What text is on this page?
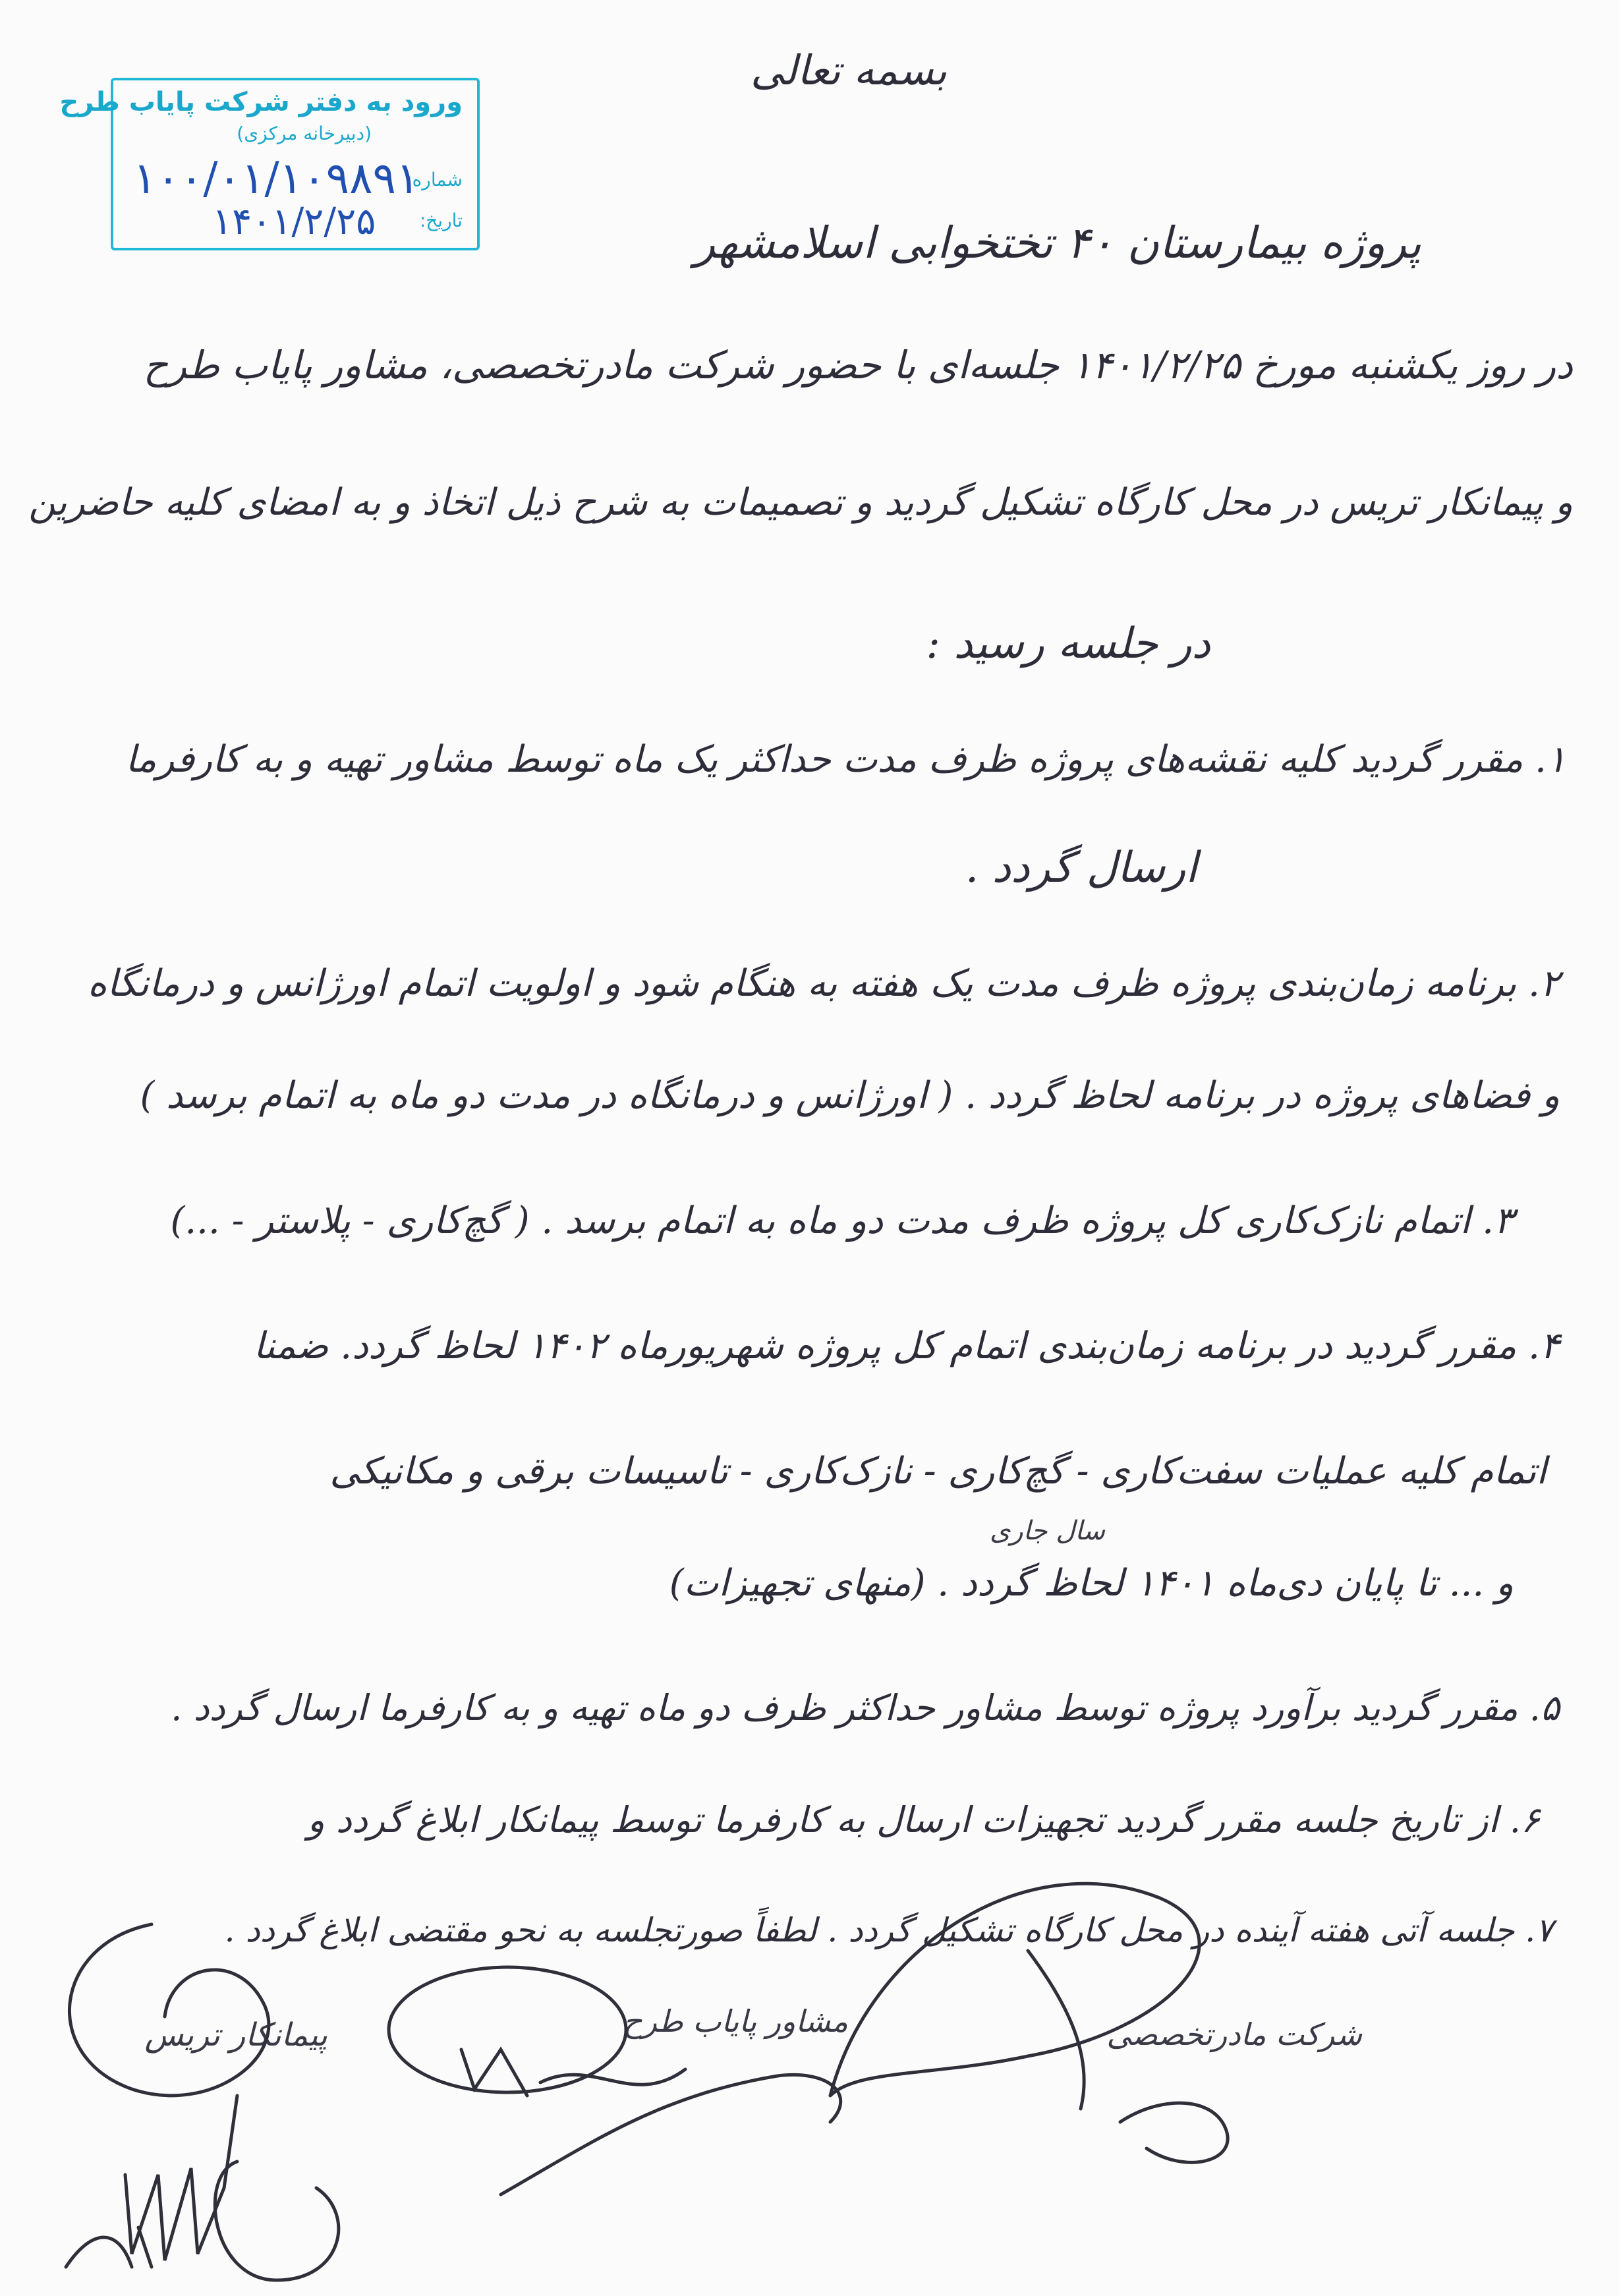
ورود به دفتر شرکت پایاب طرح
(دبیرخانه مرکزی)
شماره:
تاریخ:
۱۰۰/۰۱/۱۰۹۸۹۱
۱۴۰۱/۲/۲۵
بسمه تعالی
پروژه بیمارستان ۴۰ تختخوابی اسلامشهر
در روز یکشنبه مورخ ۱۴۰۱/۲/۲۵ جلسه‌ای با حضور شرکت مادرتخصصی، مشاور پایاب طرح
و پیمانکار تریس در محل کارگاه تشکیل گردید و تصمیمات به شرح ذیل اتخاذ و به امضای کلیه حاضرین
در جلسه رسید :
۱. مقرر گردید کلیه نقشه‌های پروژه ظرف مدت حداکثر یک ماه توسط مشاور تهیه و به کارفرما
ارسال گردد .
۲. برنامه زمان‌بندی پروژه ظرف مدت یک هفته به هنگام شود و اولویت اتمام اورژانس و درمانگاه
و فضاهای پروژه در برنامه لحاظ گردد . ( اورژانس و درمانگاه در مدت دو ماه به اتمام برسد )
۳. اتمام نازک‌کاری کل پروژه ظرف مدت دو ماه به اتمام برسد . ( گچ‌کاری - پلاستر - ...)
۴. مقرر گردید در برنامه زمان‌بندی اتمام کل پروژه شهریورماه ۱۴۰۲ لحاظ گردد. ضمنا
اتمام کلیه عملیات سفت‌کاری - گچ‌کاری - نازک‌کاری - تاسیسات برقی و مکانیکی
سال جاری
و ... تا پایان دی‌ماه ۱۴۰۱ لحاظ گردد . (منهای تجهیزات)
۵. مقرر گردید برآورد پروژه توسط مشاور حداکثر ظرف دو ماه تهیه و به کارفرما ارسال گردد .
۶. از تاریخ جلسه مقرر گردید تجهیزات ارسال به کارفرما توسط پیمانکار ابلاغ گردد و
۷. جلسه آتی هفته آینده در محل کارگاه تشکیل گردد . لطفاً صورتجلسه به نحو مقتضی ابلاغ گردد .
پیمانکار تریس	مشاور پایاب طرح	شرکت مادرتخصصی
